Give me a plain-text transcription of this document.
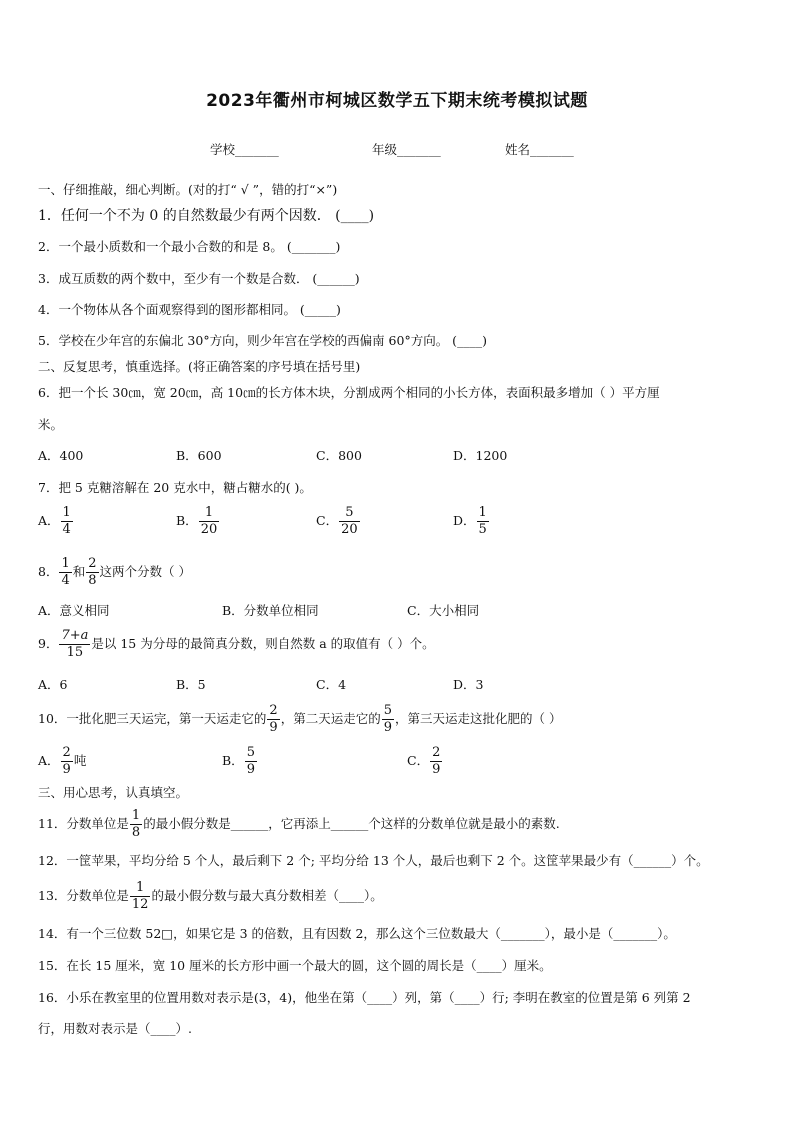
2023年衢州市柯城区数学五下期末统考模拟试题
学校_______	年级_______	姓名_______
一、仔细推敲，细心判断。(对的打“ √ ”，错的打“×”)
1．任何一个不为 0 的自然数最少有两个因数． (____)
2．一个最小质数和一个最小合数的和是 8。 (_______)
3．成互质数的两个数中，至少有一个数是合数． (______)
4．一个物体从各个面观察得到的图形都相同。 (_____)
5．学校在少年宫的东偏北 30°方向，则少年宫在学校的西偏南 60°方向。 (____)
二、反复思考，慎重选择。(将正确答案的序号填在括号里)
6．把一个长 30㎝，宽 20㎝，高 10㎝的长方体木块，分割成两个相同的小长方体，表面积最多增加（ ）平方厘
米。
A．400	B．600	C．800	D．1200
7．把 5 克糖溶解在 20 克水中，糖占糖水的( )。
A． $\frac{1}{4}$	B． $\frac{1}{20}$	C． $\frac{5}{20}$	D． $\frac{1}{5}$
8． $\frac{1}{4}$ 和 $\frac{2}{8}$ 这两个分数（ ）
A．意义相同	B．分数单位相同	C．大小相同
9． $\frac{7+a}{15}$ 是以 15 为分母的最简真分数，则自然数 a 的取值有（ ）个。
A．6	B．5	C．4	D．3
10．一批化肥三天运完，第一天运走它的 $\frac{2}{9}$ ，第二天运走它的 $\frac{5}{9}$ ，第三天运走这批化肥的（ ）
A． $\frac{2}{9}$ 吨	B． $\frac{5}{9}$	C． $\frac{2}{9}$
三、用心思考，认真填空。
11．分数单位是 $\frac{1}{8}$ 的最小假分数是______，它再添上______个这样的分数单位就是最小的素数.
12．一筐苹果，平均分给 5 个人，最后剩下 2 个; 平均分给 13 个人，最后也剩下 2 个。这筐苹果最少有（______）个。
13．分数单位是 $\frac{1}{12}$ 的最小假分数与最大真分数相差（____）。
14．有一个三位数 52□，如果它是 3 的倍数，且有因数 2，那么这个三位数最大（_______），最小是（_______）。
15．在长 15 厘米，宽 10 厘米的长方形中画一个最大的圆，这个圆的周长是（____）厘米。
16．小乐在教室里的位置用数对表示是(3，4)，他坐在第（____）列，第（____）行; 李明在教室的位置是第 6 列第 2
行，用数对表示是（____）.
